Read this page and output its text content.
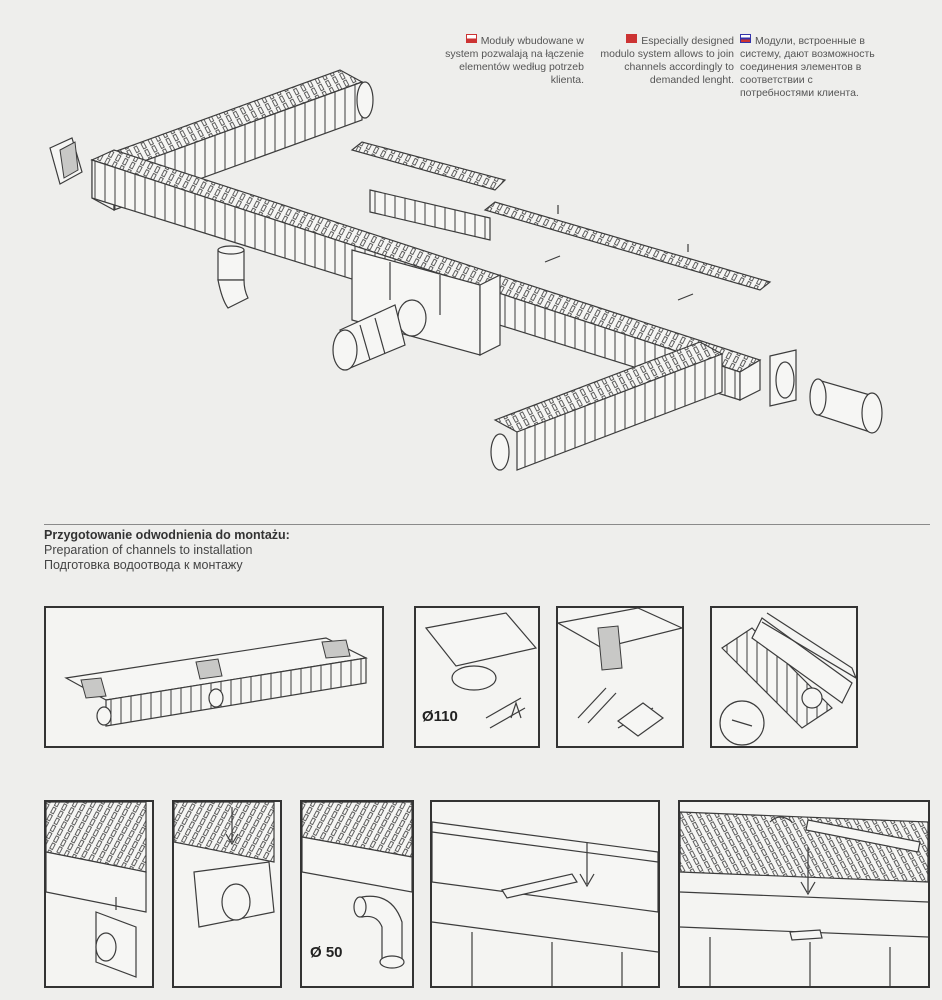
Moduły wbudowane w system pozwalają na łączenie elementów według potrzeb klienta.

Especially designed modulo system allows to join channels accordingly to demanded lenght.

Модули, встроенные в систему, дают возможность соединения элементов в соответствии с потребностями клиента.

Przygotowanie odwodnienia do montażu:
Preparation of channels to installation
Подготовка водоотвода к монтажу
Ø110
Ø 50
